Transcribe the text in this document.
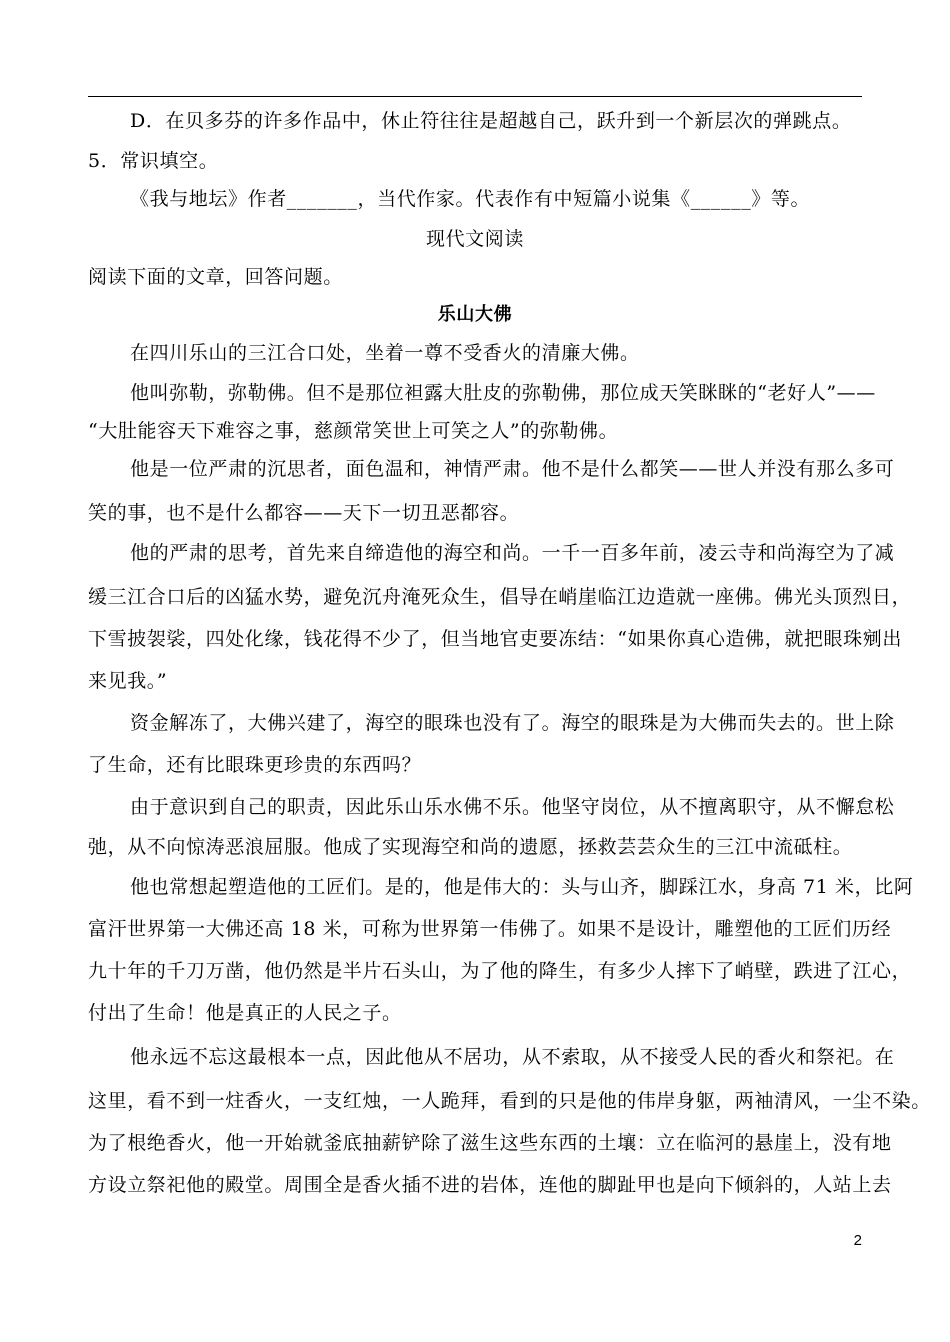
D．在贝多芬的许多作品中，休止符往往是超越自己，跃升到一个新层次的弹跳点。
5．常识填空。
《我与地坛》作者_______，当代作家。代表作有中短篇小说集《______》等。
现代文阅读
阅读下面的文章，回答问题。
乐山大佛
在四川乐山的三江合口处，坐着一尊不受香火的清廉大佛。
他叫弥勒，弥勒佛。但不是那位袒露大肚皮的弥勒佛，那位成天笑眯眯的“老好人”——
“大肚能容天下难容之事，慈颜常笑世上可笑之人”的弥勒佛。
他是一位严肃的沉思者，面色温和，神情严肃。他不是什么都笑——世人并没有那么多可
笑的事，也不是什么都容——天下一切丑恶都容。
他的严肃的思考，首先来自缔造他的海空和尚。一千一百多年前，凌云寺和尚海空为了减
缓三江合口后的凶猛水势，避免沉舟淹死众生，倡导在峭崖临江边造就一座佛。佛光头顶烈日，
下雪披袈裟，四处化缘，钱花得不少了，但当地官吏要冻结：“如果你真心造佛，就把眼珠剜出
来见我。”
资金解冻了，大佛兴建了，海空的眼珠也没有了。海空的眼珠是为大佛而失去的。世上除
了生命，还有比眼珠更珍贵的东西吗？
由于意识到自己的职责，因此乐山乐水佛不乐。他坚守岗位，从不擅离职守，从不懈怠松
弛，从不向惊涛恶浪屈服。他成了实现海空和尚的遗愿，拯救芸芸众生的三江中流砥柱。
他也常想起塑造他的工匠们。是的，他是伟大的：头与山齐，脚踩江水，身高 71 米，比阿
富汗世界第一大佛还高 18 米，可称为世界第一伟佛了。如果不是设计，雕塑他的工匠们历经
九十年的千刀万凿，他仍然是半片石头山，为了他的降生，有多少人摔下了峭壁，跌进了江心，
付出了生命！他是真正的人民之子。
他永远不忘这最根本一点，因此他从不居功，从不索取，从不接受人民的香火和祭祀。在
这里，看不到一炷香火，一支红烛，一人跪拜，看到的只是他的伟岸身躯，两袖清风，一尘不染。
为了根绝香火，他一开始就釜底抽薪铲除了滋生这些东西的土壤：立在临河的悬崖上，没有地
方设立祭祀他的殿堂。周围全是香火插不进的岩体，连他的脚趾甲也是向下倾斜的，人站上去
2
